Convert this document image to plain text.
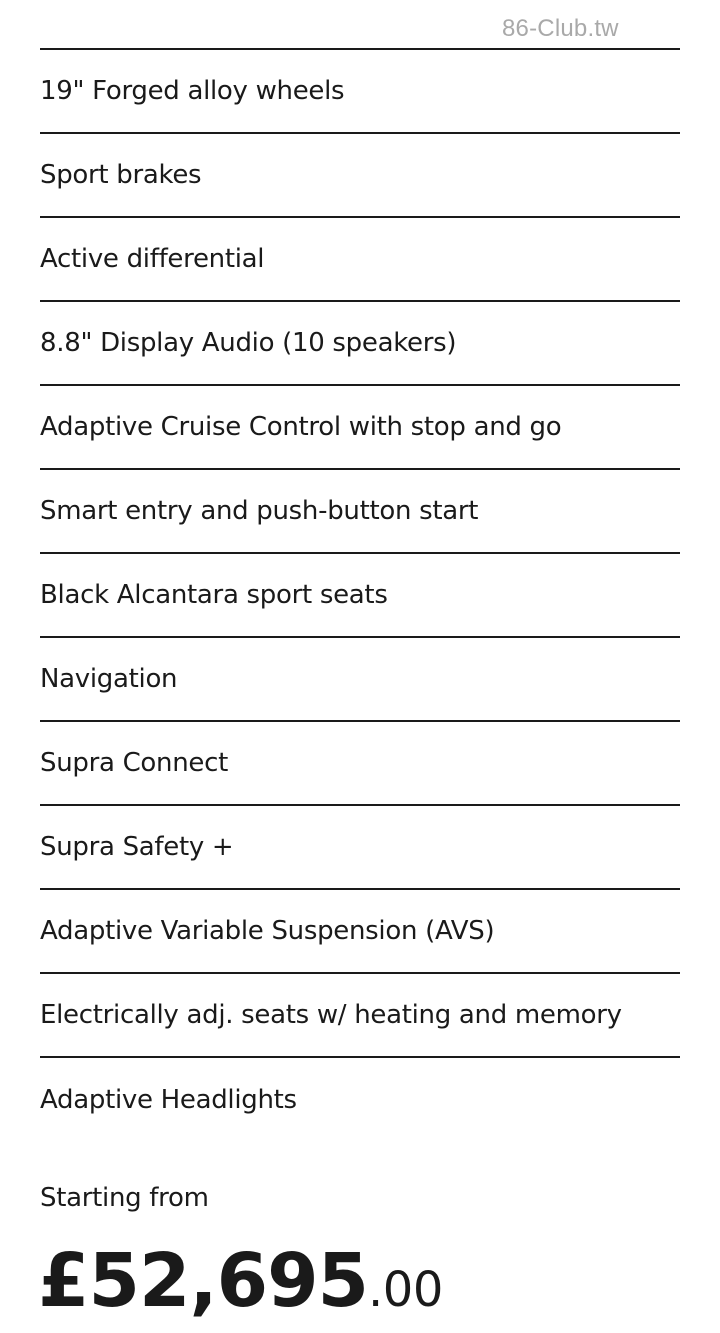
86-Club.tw
19" Forged alloy wheels
Sport brakes
Active differential
8.8" Display Audio (10 speakers)
Adaptive Cruise Control with stop and go
Smart entry and push-button start
Black Alcantara sport seats
Navigation
Supra Connect
Supra Safety +
Adaptive Variable Suspension (AVS)
Electrically adj. seats w/ heating and memory
Adaptive Headlights
Starting from
£52,695.00
